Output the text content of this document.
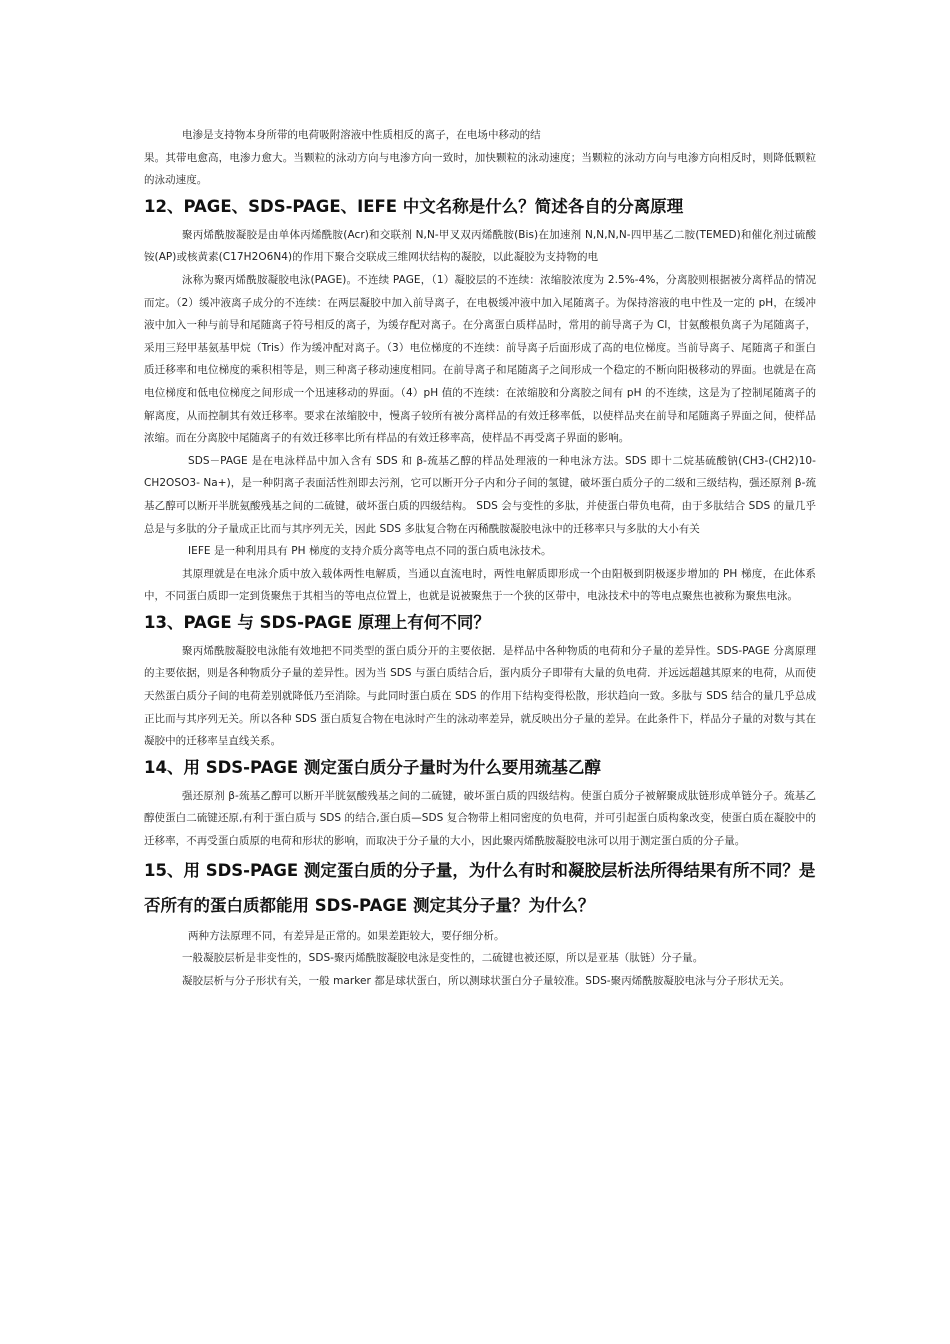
电渗是支持物本身所带的电荷吸附溶液中性质相反的离子，在电场中移动的结

果。其带电愈高，电渗力愈大。当颗粒的泳动方向与电渗方向一致时，加快颗粒的泳动速度；当颗粒的泳动方向与电渗方向相反时，则降低颗粒的泳动速度。

12、PAGE、SDS-PAGE、IEFE 中文名称是什么？简述各自的分离原理

聚丙烯酰胺凝胶是由单体丙烯酰胺(Acr)和交联剂 N,N-甲叉双丙烯酰胺(Bis)在加速剂 N,N,N,N-四甲基乙二胺(TEMED)和催化剂过硫酸铵(AP)或核黄素(C17H2O6N4)的作用下聚合交联成三维网状结构的凝胶，以此凝胶为支持物的电

泳称为聚丙烯酰胺凝胶电泳(PAGE)。不连续 PAGE，（1）凝胶层的不连续：浓缩胶浓度为 2.5%-4%，分离胶则根据被分离样品的情况而定。（2）缓冲液离子成分的不连续：在两层凝胶中加入前导离子，在电极缓冲液中加入尾随离子。为保持溶液的电中性及一定的 pH，在缓冲液中加入一种与前导和尾随离子符号相反的离子，为缓存配对离子。在分离蛋白质样品时，常用的前导离子为 Cl，甘氨酸根负离子为尾随离子，采用三羟甲基氨基甲烷（Tris）作为缓冲配对离子。（3）电位梯度的不连续：前导离子后面形成了高的电位梯度。当前导离子、尾随离子和蛋白质迁移率和电位梯度的乘积相等是，则三种离子移动速度相同。在前导离子和尾随离子之间形成一个稳定的不断向阳极移动的界面。也就是在高电位梯度和低电位梯度之间形成一个迅速移动的界面。（4）pH 值的不连续：在浓缩胶和分离胶之间有 pH 的不连续，这是为了控制尾随离子的解离度，从而控制其有效迁移率。要求在浓缩胶中，慢离子较所有被分离样品的有效迁移率低，以使样品夹在前导和尾随离子界面之间，使样品浓缩。而在分离胶中尾随离子的有效迁移率比所有样品的有效迁移率高，使样品不再受离子界面的影响。

SDS－PAGE 是在电泳样品中加入含有 SDS 和 β-巯基乙醇的样品处理液的一种电泳方法。SDS 即十二烷基硫酸钠(CH3-(CH2)10-CH2OSO3- Na+)，是一种阴离子表面活性剂即去污剂，它可以断开分子内和分子间的氢键，破坏蛋白质分子的二级和三级结构，强还原剂 β-巯基乙醇可以断开半胱氨酸残基之间的二硫键，破坏蛋白质的四级结构。 SDS 会与变性的多肽，并使蛋白带负电荷，由于多肽结合 SDS 的量几乎总是与多肽的分子量成正比而与其序列无关，因此 SDS 多肽复合物在丙稀酰胺凝胶电泳中的迁移率只与多肽的大小有关

IEFE 是一种利用具有 PH 梯度的支持介质分离等电点不同的蛋白质电泳技术。

其原理就是在电泳介质中放入载体两性电解质，当通以直流电时，两性电解质即形成一个由阳极到阴极逐步增加的 PH 梯度，在此体系中，不同蛋白质即一定到货聚焦于其相当的等电点位置上，也就是说被聚焦于一个狭的区带中，电泳技术中的等电点聚焦也被称为聚焦电泳。

13、PAGE 与 SDS-PAGE 原理上有何不同？

聚丙烯酰胺凝胶电泳能有效地把不同类型的蛋白质分开的主要依据．是样品中各种物质的电荷和分子量的差异性。SDS-PAGE 分离原理的主要依据，则是各种物质分子量的差异性。因为当 SDS 与蛋白质结合后，蛋内质分子即带有大量的负电荷．并远远超越其原来的电荷，从而使天然蛋白质分子间的电荷差别就降低乃至消除。与此同时蛋白质在 SDS 的作用下结构变得松散，形状趋向一致。多肽与 SDS 结合的量几乎总成正比而与其序列无关。所以各种 SDS 蛋白质复合物在电泳时产生的泳动率差异，就反映出分子量的差异。在此条件下，样品分子量的对数与其在凝胶中的迁移率呈直线关系。

14、用 SDS-PAGE 测定蛋白质分子量时为什么要用巯基乙醇

强还原剂 β-巯基乙醇可以断开半胱氨酸残基之间的二硫键，破坏蛋白质的四级结构。使蛋白质分子被解聚成肽链形成单链分子。巯基乙醇使蛋白二硫键还原,有利于蛋白质与 SDS 的结合,蛋白质—SDS 复合物带上相同密度的负电荷，并可引起蛋白质构象改变，使蛋白质在凝胶中的迁移率，不再受蛋白质原的电荷和形状的影响，而取决于分子量的大小，因此聚丙烯酰胺凝胶电泳可以用于测定蛋白质的分子量。

15、用 SDS-PAGE 测定蛋白质的分子量，为什么有时和凝胶层析法所得结果有所不同？是否所有的蛋白质都能用 SDS-PAGE 测定其分子量？为什么？

两种方法原理不同，有差异是正常的。如果差距较大，要仔细分析。

一般凝胶层析是非变性的，SDS-聚丙烯酰胺凝胶电泳是变性的，二硫键也被还原，所以是亚基（肽链）分子量。

凝胶层析与分子形状有关，一般 marker 都是球状蛋白，所以测球状蛋白分子量较准。SDS-聚丙烯酰胺凝胶电泳与分子形状无关。
